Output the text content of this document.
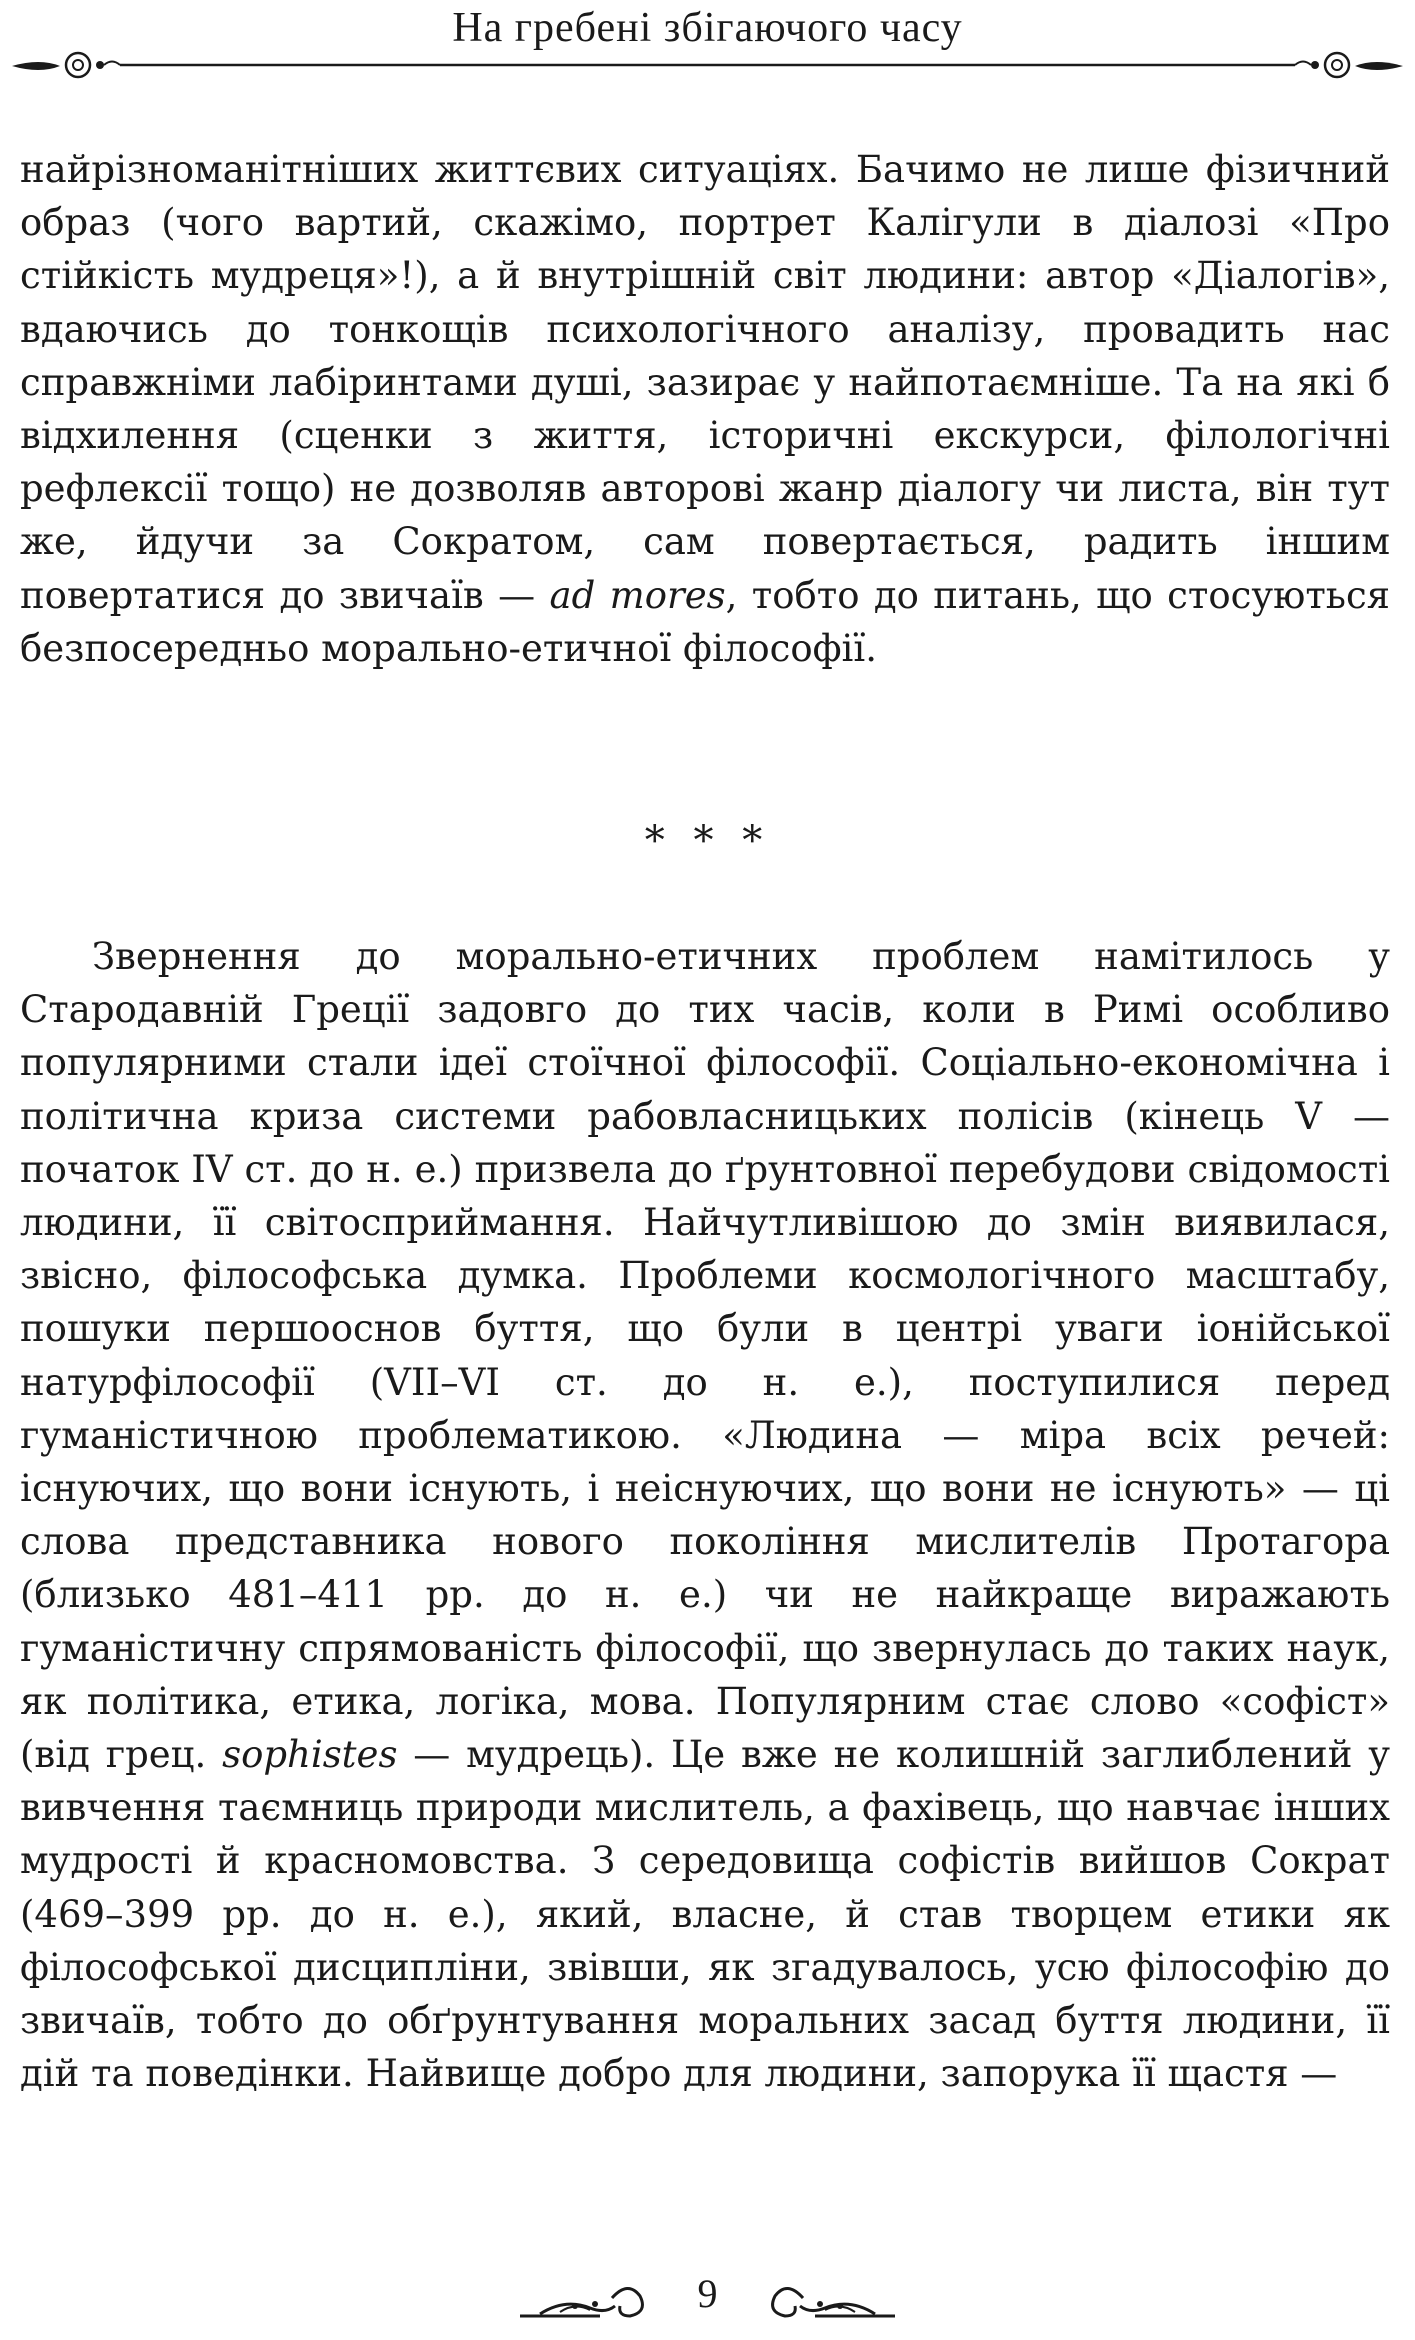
На гребені збігаючого часу

найрізноманітніших життєвих ситуаціях. Бачимо не лише фізичний образ (чого вартий, скажімо, портрет Калігули в діалозі «Про стійкість мудреця»!), а й внутрішній світ людини: автор «Діалогів», вдаючись до тонкощів психологічного аналізу, провадить нас справжніми лабіринтами душі, зазирає у найпотаємніше. Та на які б відхилення (сценки з життя, історичні екскурси, філологічні рефлексії тощо) не дозволяв авторові жанр діалогу чи листа, він тут же, йдучи за Сократом, сам повертається, радить іншим повертатися до звичаїв — ad mores, тобто до питань, що стосуються безпосередньо морально-етичної філософії.

* * *

Звернення до морально-етичних проблем намітилось у Стародавній Греції задовго до тих часів, коли в Римі особливо популярними стали ідеї стоїчної філософії. Соціально-економічна і політична криза системи рабовласницьких полісів (кінець V — початок IV ст. до н. е.) призвела до ґрунтовної перебудови свідомості людини, її світосприймання. Найчутливішою до змін виявилася, звісно, філософська думка. Проблеми космологічного масштабу, пошуки першооснов буття, що були в центрі уваги іонійської натурфілософії (VII–VI ст. до н. е.), поступилися перед гуманістичною проблематикою. «Людина — міра всіх речей: існуючих, що вони існують, і неіснуючих, що вони не існують» — ці слова представника нового покоління мислителів Протагора (близько 481–411 рр. до н. е.) чи не найкраще виражають гуманістичну спрямованість філософії, що звернулась до таких наук, як політика, етика, логіка, мова. Популярним стає слово «софіст» (від грец. sophistes — мудрець). Це вже не колишній заглиблений у вивчення таємниць природи мислитель, а фахівець, що навчає інших мудрості й красномовства. З середовища софістів вийшов Сократ (469–399 рр. до н. е.), який, власне, й став творцем етики як філософської дисципліни, звівши, як згадувалось, усю філософію до звичаїв, тобто до обґрунтування моральних засад буття людини, її дій та поведінки. Найвище добро для людини, запорука її щастя —

9
